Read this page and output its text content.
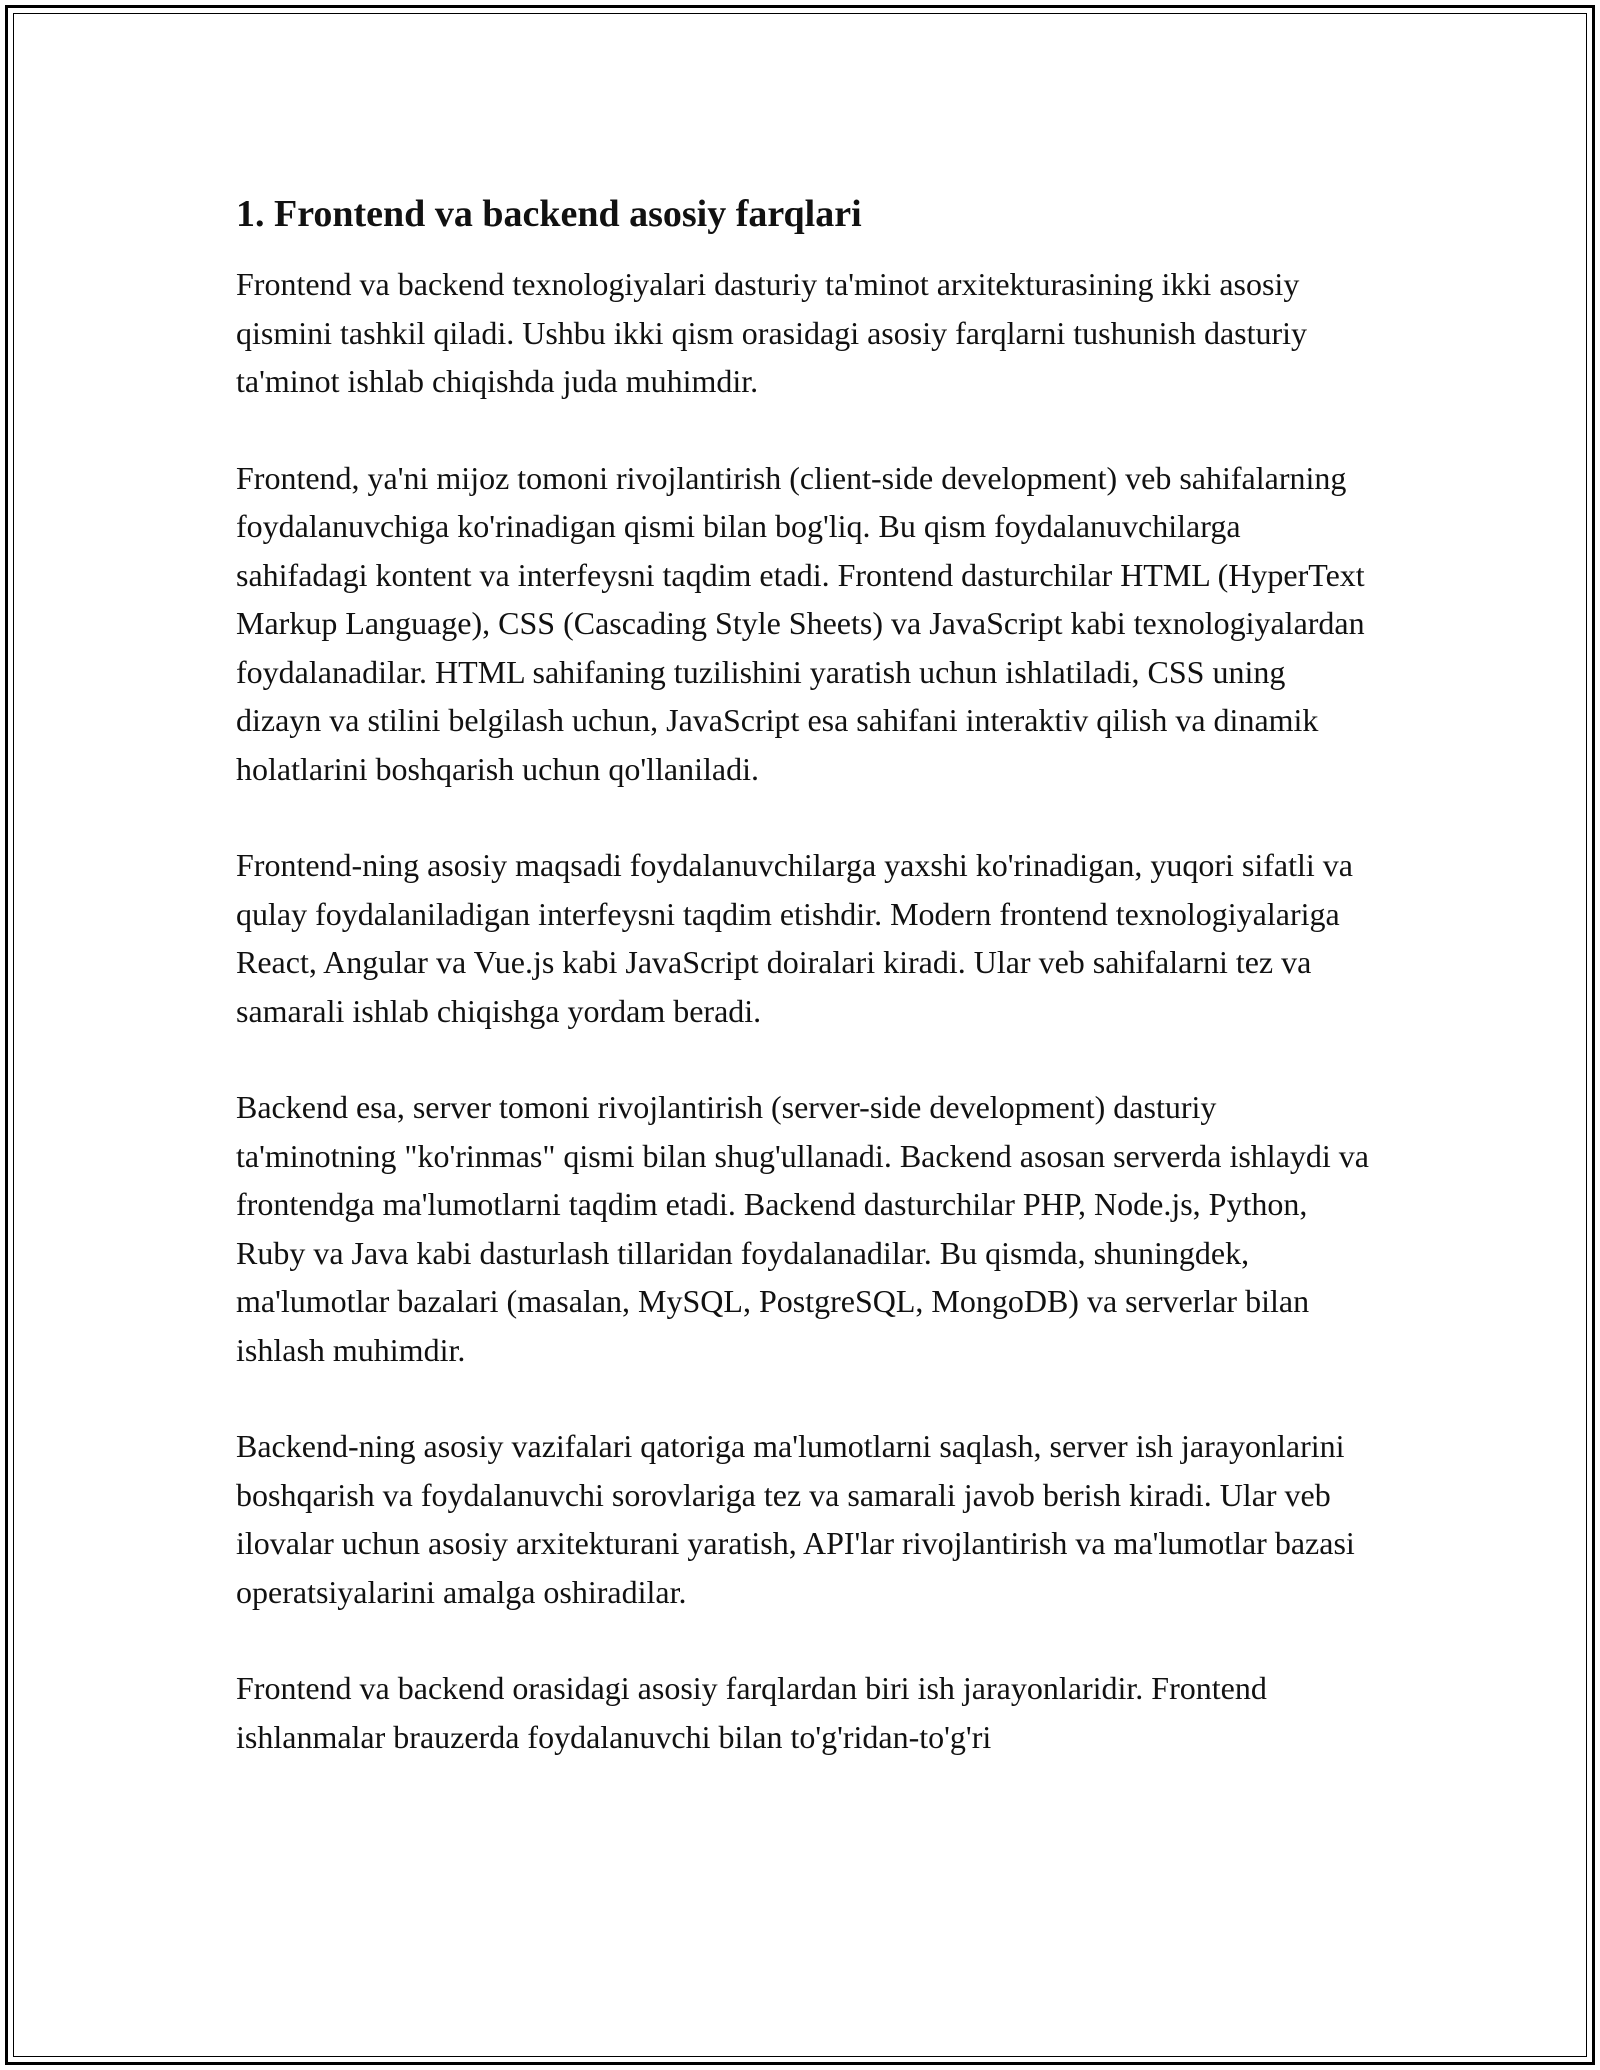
1. Frontend va backend asosiy farqlari

Frontend va backend texnologiyalari dasturiy ta'minot arxitekturasining ikki asosiy qismini tashkil qiladi. Ushbu ikki qism orasidagi asosiy farqlarni tushunish dasturiy ta'minot ishlab chiqishda juda muhimdir.

Frontend, ya'ni mijoz tomoni rivojlantirish (client-side development) veb sahifalarning foydalanuvchiga ko'rinadigan qismi bilan bog'liq. Bu qism foydalanuvchilarga sahifadagi kontent va interfeysni taqdim etadi. Frontend dasturchilar HTML (HyperText Markup Language), CSS (Cascading Style Sheets) va JavaScript kabi texnologiyalardan foydalanadilar. HTML sahifaning tuzilishini yaratish uchun ishlatiladi, CSS uning dizayn va stilini belgilash uchun, JavaScript esa sahifani interaktiv qilish va dinamik holatlarini boshqarish uchun qo'llaniladi.

Frontend-ning asosiy maqsadi foydalanuvchilarga yaxshi ko'rinadigan, yuqori sifatli va qulay foydalaniladigan interfeysni taqdim etishdir. Modern frontend texnologiyalariga React, Angular va Vue.js kabi JavaScript doiralari kiradi. Ular veb sahifalarni tez va samarali ishlab chiqishga yordam beradi.

Backend esa, server tomoni rivojlantirish (server-side development) dasturiy ta'minotning "ko'rinmas" qismi bilan shug'ullanadi. Backend asosan serverda ishlaydi va frontendga ma'lumotlarni taqdim etadi. Backend dasturchilar PHP, Node.js, Python, Ruby va Java kabi dasturlash tillaridan foydalanadilar. Bu qismda, shuningdek, ma'lumotlar bazalari (masalan, MySQL, PostgreSQL, MongoDB) va serverlar bilan ishlash muhimdir.

Backend-ning asosiy vazifalari qatoriga ma'lumotlarni saqlash, server ish jarayonlarini boshqarish va foydalanuvchi sorovlariga tez va samarali javob berish kiradi. Ular veb ilovalar uchun asosiy arxitekturani yaratish, API'lar rivojlantirish va ma'lumotlar bazasi operatsiyalarini amalga oshiradilar.

Frontend va backend orasidagi asosiy farqlardan biri ish jarayonlaridir. Frontend ishlanmalar brauzerda foydalanuvchi bilan to'g'ridan-to'g'ri
